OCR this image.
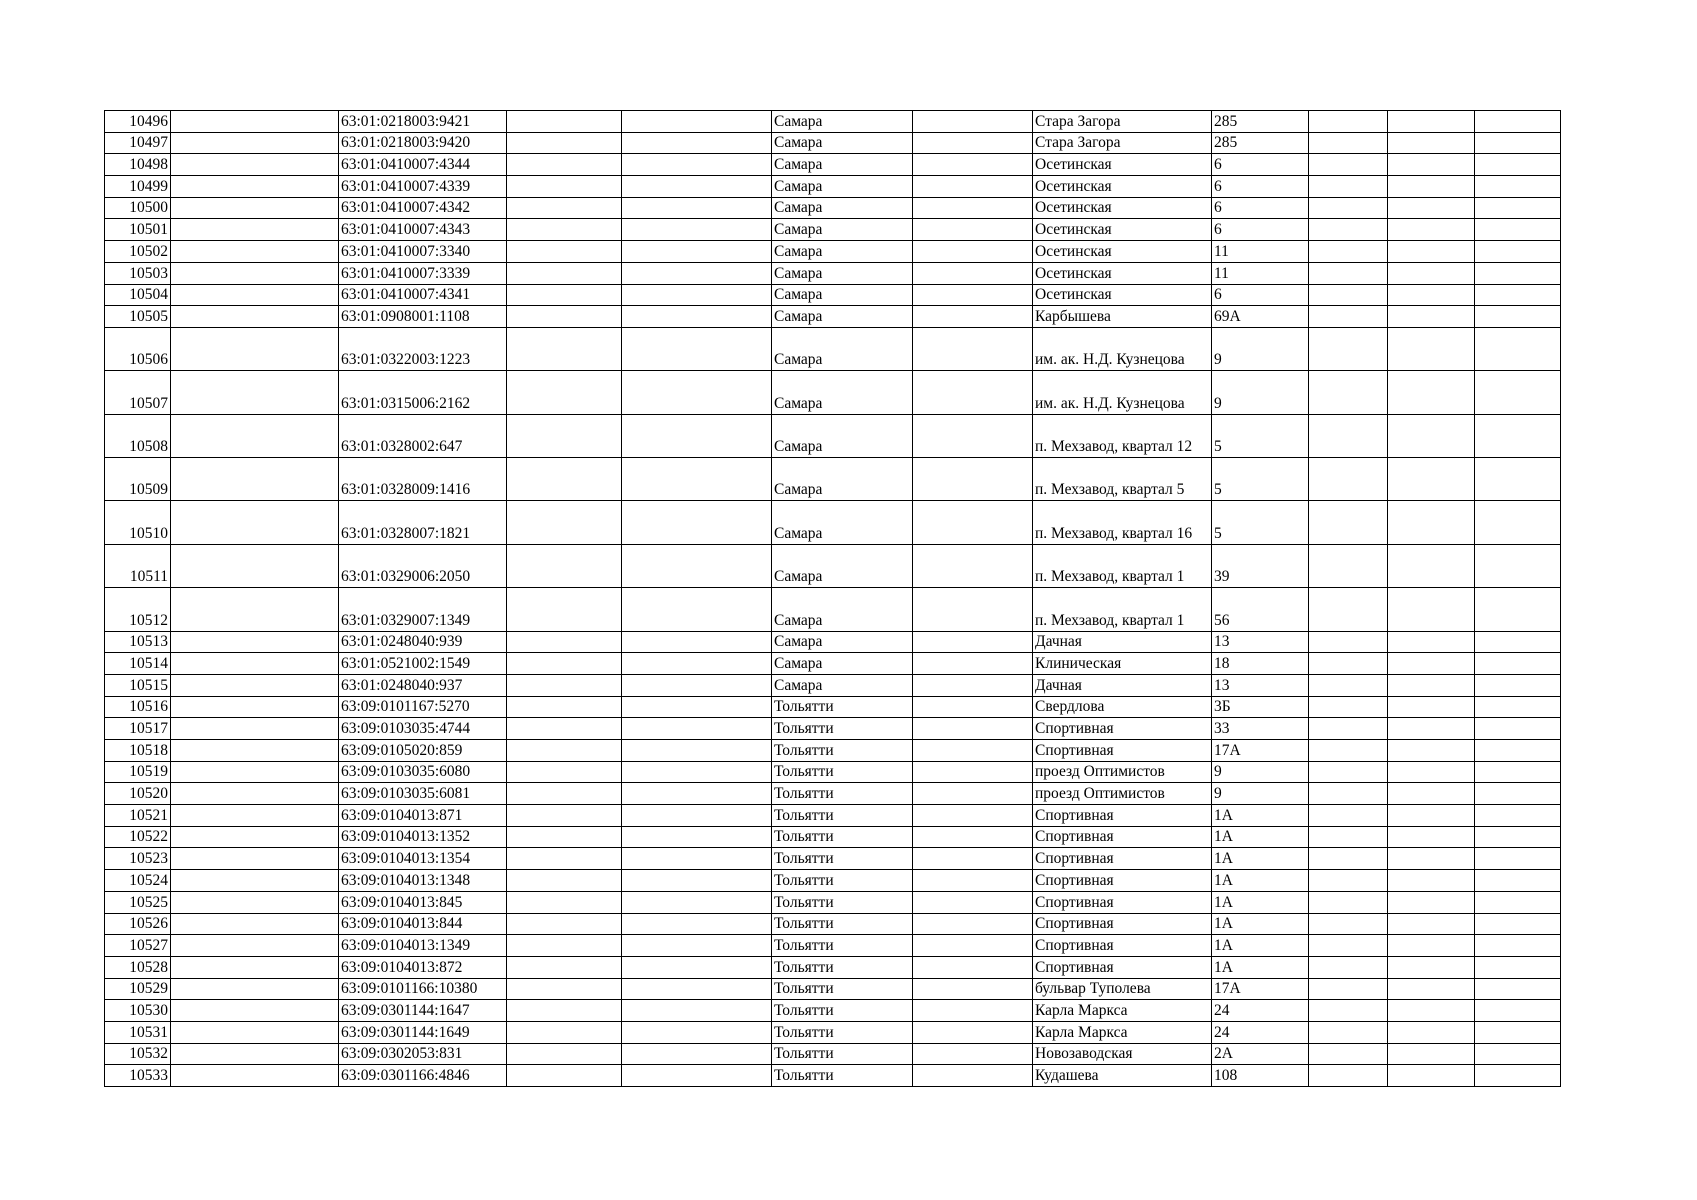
10496		63:01:0218003:9421			Самара		Стара Загора	285			
10497		63:01:0218003:9420			Самара		Стара Загора	285			
10498		63:01:0410007:4344			Самара		Осетинская	6			
10499		63:01:0410007:4339			Самара		Осетинская	6			
10500		63:01:0410007:4342			Самара		Осетинская	6			
10501		63:01:0410007:4343			Самара		Осетинская	6			
10502		63:01:0410007:3340			Самара		Осетинская	11			
10503		63:01:0410007:3339			Самара		Осетинская	11			
10504		63:01:0410007:4341			Самара		Осетинская	6			
10505		63:01:0908001:1108			Самара		Карбышева	69А			
10506		63:01:0322003:1223			Самара		им. ак. Н.Д. Кузнецова	9			
10507		63:01:0315006:2162			Самара		им. ак. Н.Д. Кузнецова	9			
10508		63:01:0328002:647			Самара		п. Мехзавод, квартал 12	5			
10509		63:01:0328009:1416			Самара		п. Мехзавод, квартал 5	5			
10510		63:01:0328007:1821			Самара		п. Мехзавод, квартал 16	5			
10511		63:01:0329006:2050			Самара		п. Мехзавод, квартал 1	39			
10512		63:01:0329007:1349			Самара		п. Мехзавод, квартал 1	56			
10513		63:01:0248040:939			Самара		Дачная	13			
10514		63:01:0521002:1549			Самара		Клиническая	18			
10515		63:01:0248040:937			Самара		Дачная	13			
10516		63:09:0101167:5270			Тольятти		Свердлова	3Б			
10517		63:09:0103035:4744			Тольятти		Спортивная	33			
10518		63:09:0105020:859			Тольятти		Спортивная	17А			
10519		63:09:0103035:6080			Тольятти		проезд Оптимистов	9			
10520		63:09:0103035:6081			Тольятти		проезд Оптимистов	9			
10521		63:09:0104013:871			Тольятти		Спортивная	1А			
10522		63:09:0104013:1352			Тольятти		Спортивная	1А			
10523		63:09:0104013:1354			Тольятти		Спортивная	1А			
10524		63:09:0104013:1348			Тольятти		Спортивная	1А			
10525		63:09:0104013:845			Тольятти		Спортивная	1А			
10526		63:09:0104013:844			Тольятти		Спортивная	1А			
10527		63:09:0104013:1349			Тольятти		Спортивная	1А			
10528		63:09:0104013:872			Тольятти		Спортивная	1А			
10529		63:09:0101166:10380			Тольятти		бульвар Туполева	17А			
10530		63:09:0301144:1647			Тольятти		Карла Маркса	24			
10531		63:09:0301144:1649			Тольятти		Карла Маркса	24			
10532		63:09:0302053:831			Тольятти		Новозаводская	2А			
10533		63:09:0301166:4846			Тольятти		Кудашева	108			
